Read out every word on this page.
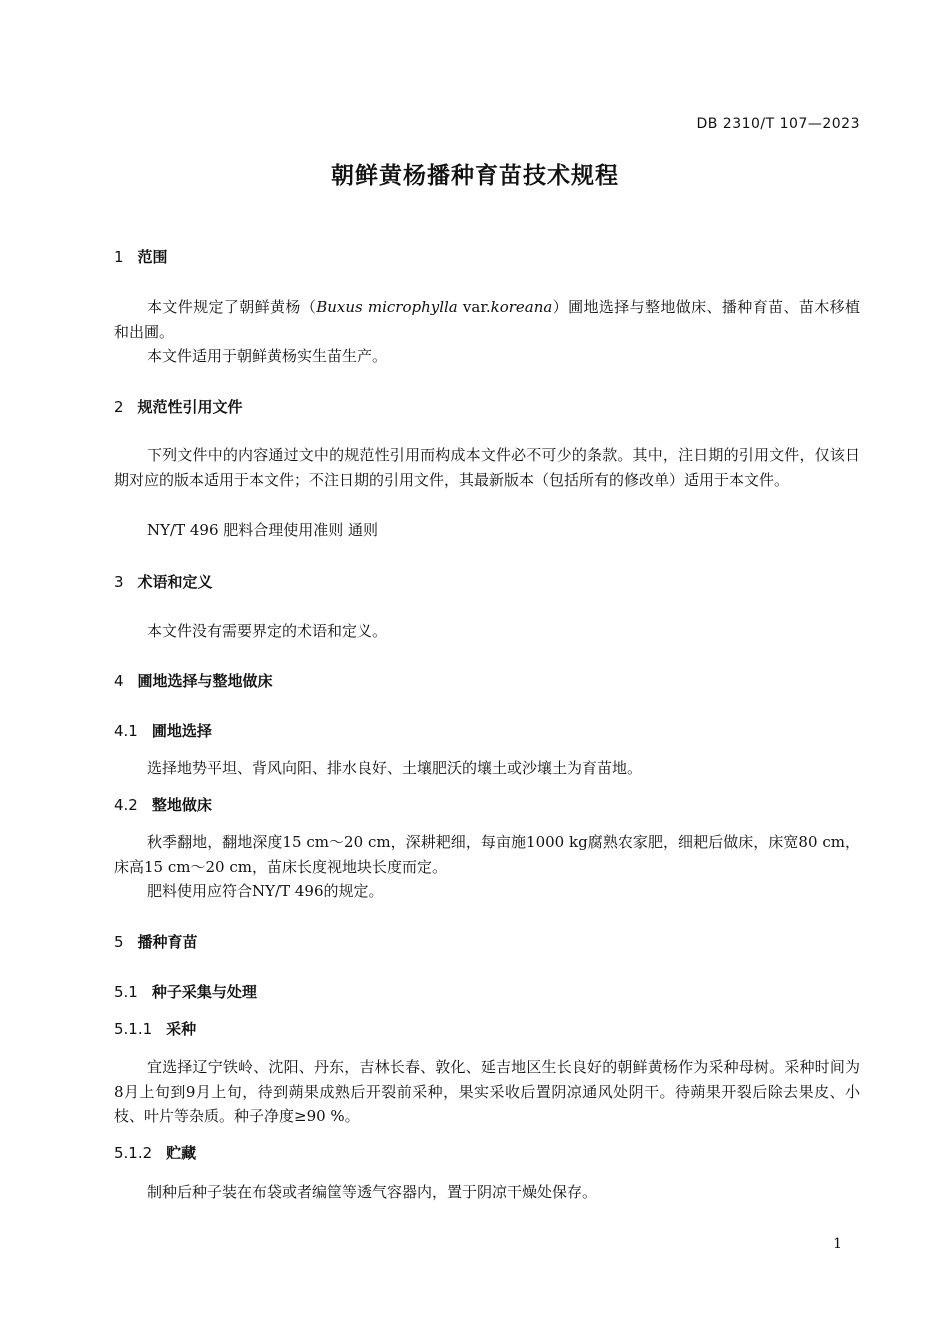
DB 2310/T 107—2023
朝鲜黄杨播种育苗技术规程
1 范围
本文件规定了朝鲜黄杨（Buxus microphylla var.koreana）圃地选择与整地做床、播种育苗、苗木移植和出圃。
本文件适用于朝鲜黄杨实生苗生产。
2 规范性引用文件
下列文件中的内容通过文中的规范性引用而构成本文件必不可少的条款。其中，注日期的引用文件，仅该日期对应的版本适用于本文件；不注日期的引用文件，其最新版本（包括所有的修改单）适用于本文件。
NY/T 496 肥料合理使用准则 通则
3 术语和定义
本文件没有需要界定的术语和定义。
4 圃地选择与整地做床
4.1 圃地选择
选择地势平坦、背风向阳、排水良好、土壤肥沃的壤土或沙壤土为育苗地。
4.2 整地做床
秋季翻地，翻地深度15 cm～20 cm，深耕耙细，每亩施1000 kg腐熟农家肥，细耙后做床，床宽80 cm，床高15 cm～20 cm，苗床长度视地块长度而定。
肥料使用应符合NY/T 496的规定。
5 播种育苗
5.1 种子采集与处理
5.1.1 采种
宜选择辽宁铁岭、沈阳、丹东，吉林长春、敦化、延吉地区生长良好的朝鲜黄杨作为采种母树。采种时间为8月上旬到9月上旬，待到蒴果成熟后开裂前采种，果实采收后置阴凉通风处阴干。待蒴果开裂后除去果皮、小枝、叶片等杂质。种子净度≥90 %。
5.1.2 贮藏
制种后种子装在布袋或者编筐等透气容器内，置于阴凉干燥处保存。
1
